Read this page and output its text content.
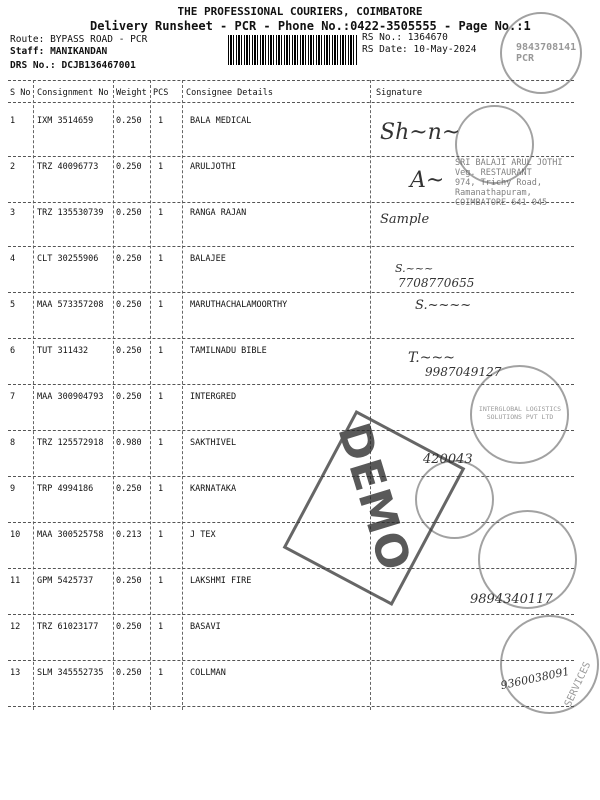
THE PROFESSIONAL COURIERS, COIMBATORE
Delivery Runsheet - PCR - Phone No.:0422-3505555 - Page No.:1
Route: BYPASS ROAD - PCR
Staff: MANIKANDAN
DRS No.: DCJB136467001
RS No.: 1364670
RS Date: 10-May-2024
S No Consignment No Weight PCS Consignee Details	Signature
1	IXM 3514659	0.250 1	BALA MEDICAL
2	TRZ 40096773 0.250 1	ARULJOTHI
3	TRZ 135530739 0.250 1	RANGA RAJAN
4	CLT 30255906 0.250 1	BALAJEE
5	MAA 573357208 0.250 1	MARUTHACHALAMOORTHY
6	TUT 311432	0.250 1	TAMILNADU BIBLE
7	MAA 300904793 0.250 1	INTERGRED
8	TRZ 125572918 0.980 1	SAKTHIVEL
9	TRP 4994186	0.250 1	KARNATAKA
10 MAA 300525758 0.213 1	J TEX
11 GPM 5425737	0.250 1	LAKSHMI FIRE
12 TRZ 61023177 0.250 1	BASAVI
13 SLM 345552735 0.250 1	COLLMAN
9843708141 PCR
SRI BALAJI ARUL JOTHI
Veg. RESTAURANT
974, Trichy Road,
Ramanathapuram,
COIMBATORE 641 045
INTERGLOBAL LOGISTICS SOLUTIONS PVT LTD
SERVICES
DEMO
Sh~n~
A~
Sample
S.~~~
7708770655
S.~~~~
T.~~~
9987049127
420043
9894340117
9360038091
